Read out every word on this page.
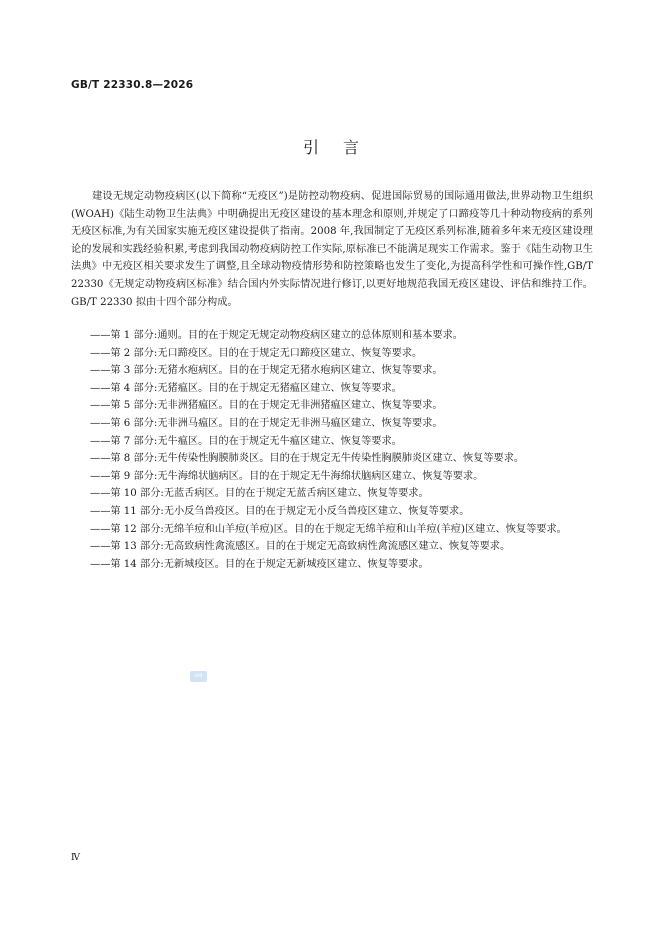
GB/T 22330.8—2026
引言

建设无规定动物疫病区(以下简称“无疫区”)是防控动物疫病、促进国际贸易的国际通用做法,世界动物卫生组织(WOAH)《陆生动物卫生法典》中明确提出无疫区建设的基本理念和原则,并规定了口蹄疫等几十种动物疫病的系列无疫区标准,为有关国家实施无疫区建设提供了指南。2008 年,我国制定了无疫区系列标准,随着多年来无疫区建设理论的发展和实践经验积累,考虑到我国动物疫病防控工作实际,原标准已不能满足现实工作需求。鉴于《陆生动物卫生法典》中无疫区相关要求发生了调整,且全球动物疫情形势和防控策略也发生了变化,为提高科学性和可操作性,GB/T 22330《无规定动物疫病区标准》结合国内外实际情况进行修订,以更好地规范我国无疫区建设、评估和维持工作。GB/T 22330 拟由十四个部分构成。

——第 1 部分:通则。目的在于规定无规定动物疫病区建立的总体原则和基本要求。
——第 2 部分:无口蹄疫区。目的在于规定无口蹄疫区建立、恢复等要求。
——第 3 部分:无猪水疱病区。目的在于规定无猪水疱病区建立、恢复等要求。
——第 4 部分:无猪瘟区。目的在于规定无猪瘟区建立、恢复等要求。
——第 5 部分:无非洲猪瘟区。目的在于规定无非洲猪瘟区建立、恢复等要求。
——第 6 部分:无非洲马瘟区。目的在于规定无非洲马瘟区建立、恢复等要求。
——第 7 部分:无牛瘟区。目的在于规定无牛瘟区建立、恢复等要求。
——第 8 部分:无牛传染性胸膜肺炎区。目的在于规定无牛传染性胸膜肺炎区建立、恢复等要求。
——第 9 部分:无牛海绵状脑病区。目的在于规定无牛海绵状脑病区建立、恢复等要求。
——第 10 部分:无蓝舌病区。目的在于规定无蓝舌病区建立、恢复等要求。
——第 11 部分:无小反刍兽疫区。目的在于规定无小反刍兽疫区建立、恢复等要求。
——第 12 部分:无绵羊痘和山羊痘(羊痘)区。目的在于规定无绵羊痘和山羊痘(羊痘)区建立、恢复等要求。
——第 13 部分:无高致病性禽流感区。目的在于规定无高致病性禽流感区建立、恢复等要求。
——第 14 部分:无新城疫区。目的在于规定无新城疫区建立、恢复等要求。
std
Ⅳ
